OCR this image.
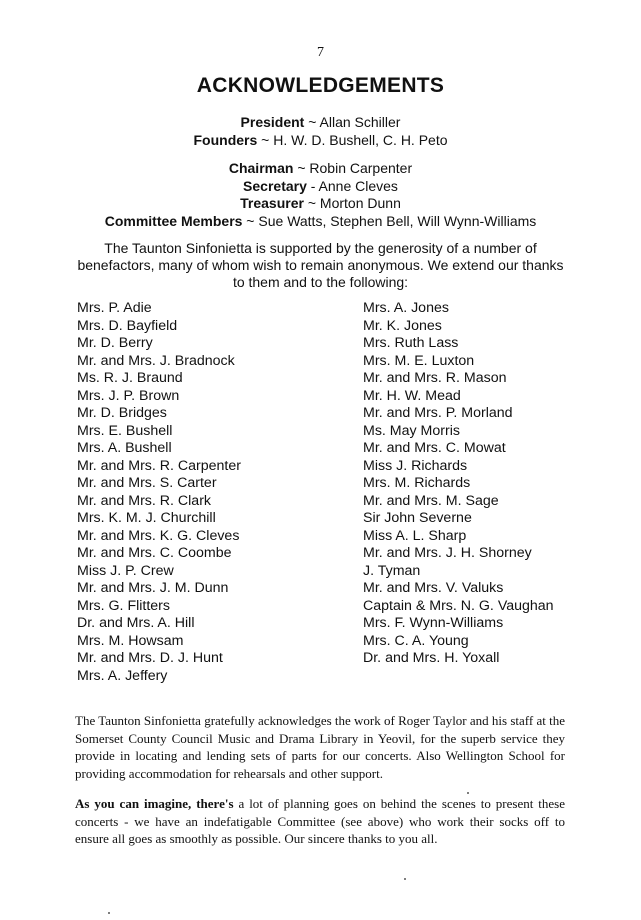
7
ACKNOWLEDGEMENTS
President ~ Allan Schiller
Founders ~ H. W. D. Bushell, C. H. Peto
Chairman ~ Robin Carpenter
Secretary - Anne Cleves
Treasurer ~ Morton Dunn
Committee Members ~ Sue Watts, Stephen Bell, Will Wynn-Williams
The Taunton Sinfonietta is supported by the generosity of a number of benefactors, many of whom wish to remain anonymous. We extend our thanks to them and to the following:
Mrs. P. Adie
Mrs. D. Bayfield
Mr. D. Berry
Mr. and Mrs. J. Bradnock
Ms. R. J. Braund
Mrs. J. P. Brown
Mr. D. Bridges
Mrs. E. Bushell
Mrs. A. Bushell
Mr. and Mrs. R. Carpenter
Mr. and Mrs. S. Carter
Mr. and Mrs. R. Clark
Mrs. K. M. J. Churchill
Mr. and Mrs. K. G. Cleves
Mr. and Mrs. C. Coombe
Miss J. P. Crew
Mr. and Mrs. J. M. Dunn
Mrs. G. Flitters
Dr. and Mrs. A. Hill
Mrs. M. Howsam
Mr. and Mrs. D. J. Hunt
Mrs. A. Jeffery
Mrs. A. Jones
Mr. K. Jones
Mrs. Ruth Lass
Mrs. M. E. Luxton
Mr. and Mrs. R. Mason
Mr. H. W. Mead
Mr. and Mrs. P. Morland
Ms. May Morris
Mr. and Mrs. C. Mowat
Miss J. Richards
Mrs. M. Richards
Mr. and Mrs. M. Sage
Sir John Severne
Miss A. L. Sharp
Mr. and Mrs. J. H. Shorney
J. Tyman
Mr. and Mrs. V. Valuks
Captain & Mrs. N. G. Vaughan
Mrs. F. Wynn-Williams
Mrs. C. A. Young
Dr. and Mrs. H. Yoxall
The Taunton Sinfonietta gratefully acknowledges the work of Roger Taylor and his staff at the Somerset County Council Music and Drama Library in Yeovil, for the superb service they provide in locating and lending sets of parts for our concerts. Also Wellington School for providing accommodation for rehearsals and other support.
As you can imagine, there's a lot of planning goes on behind the scenes to present these concerts - we have an indefatigable Committee (see above) who work their socks off to ensure all goes as smoothly as possible. Our sincere thanks to you all.
